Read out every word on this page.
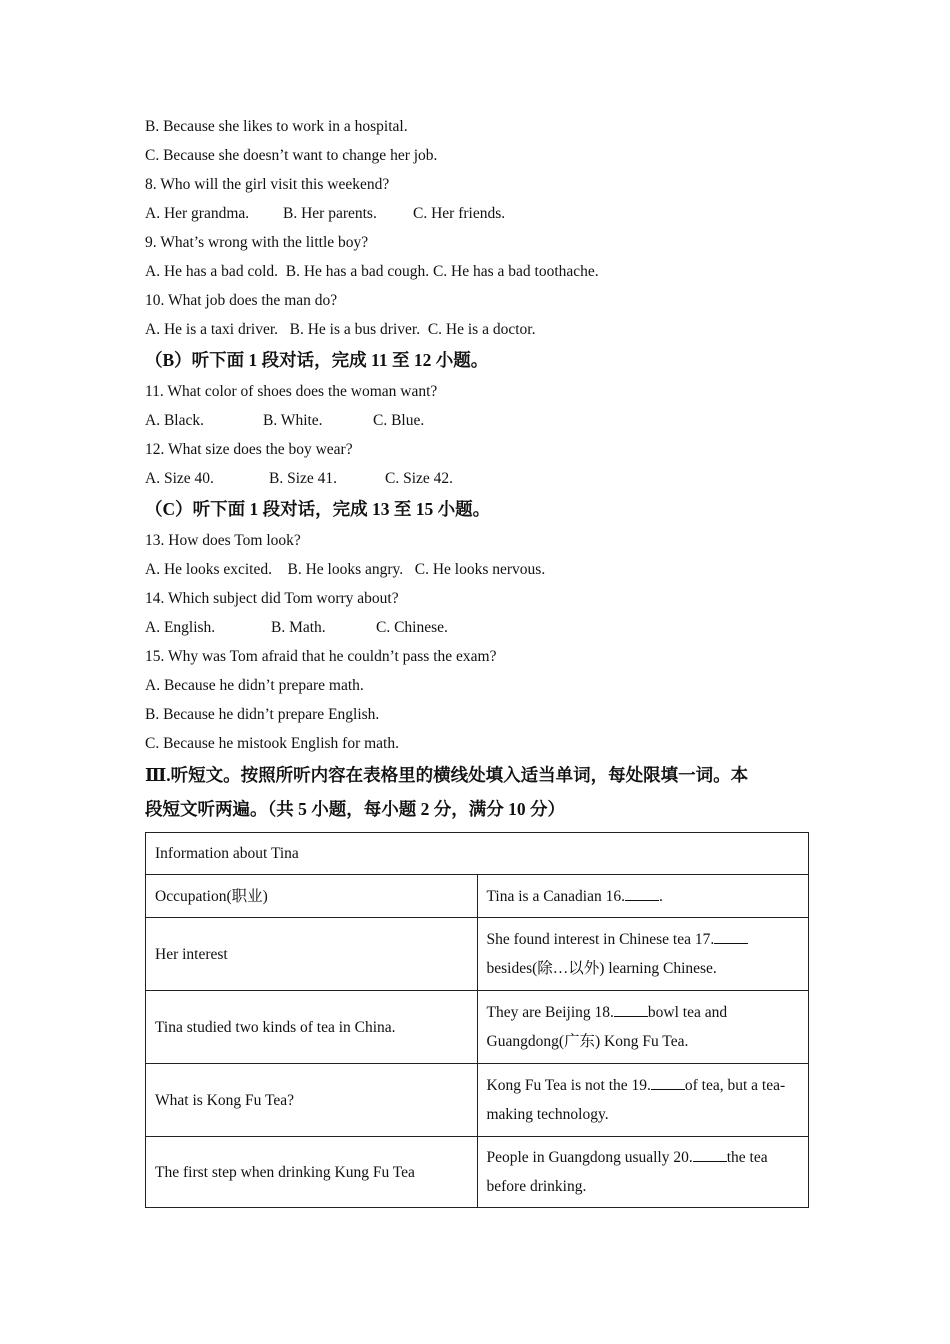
B. Because she likes to work in a hospital.
C. Because she doesn’t want to change her job.
8. Who will the girl visit this weekend?
A. Her grandma. B. Her parents. C. Her friends.
9. What’s wrong with the little boy?
A. He has a bad cold.  B. He has a bad cough. C. He has a bad toothache.
10. What job does the man do?
A. He is a taxi driver.   B. He is a bus driver.  C. He is a doctor.
（B）听下面 1 段对话，完成 11 至 12 小题。
11. What color of shoes does the woman want?
A. Black.	B. White.	C. Blue.
12. What size does the boy wear?
A. Size 40.	B. Size 41.	C. Size 42.
（C）听下面 1 段对话，完成 13 至 15 小题。
13. How does Tom look?
A. He looks excited.    B. He looks angry.   C. He looks nervous.
14. Which subject did Tom worry about?
A. English.	B. Math.	C. Chinese.
15. Why was Tom afraid that he couldn’t pass the exam?
A. Because he didn’t prepare math.
B. Because he didn’t prepare English.
C. Because he mistook English for math.
Ⅲ.听短文。按照所听内容在表格里的横线处填入适当单词，每处限填一词。本
段短文听两遍。（共 5 小题，每小题 2 分，满分 10 分）
Information about Tina	
Occupation(职业)	Tina is a Canadian 16. .
Her interest	She found interest in Chinese tea 17.besides(除…以外) learning Chinese.
Tina studied two kinds of tea in China.	They are Beijing 18. bowl tea and Guangdong(广东) Kong Fu Tea.
What is Kong Fu Tea?	Kong Fu Tea is not the 19. of tea, but a tea-making technology.
The first step when drinking Kung Fu Tea	People in Guangdong usually 20. the tea before drinking.
